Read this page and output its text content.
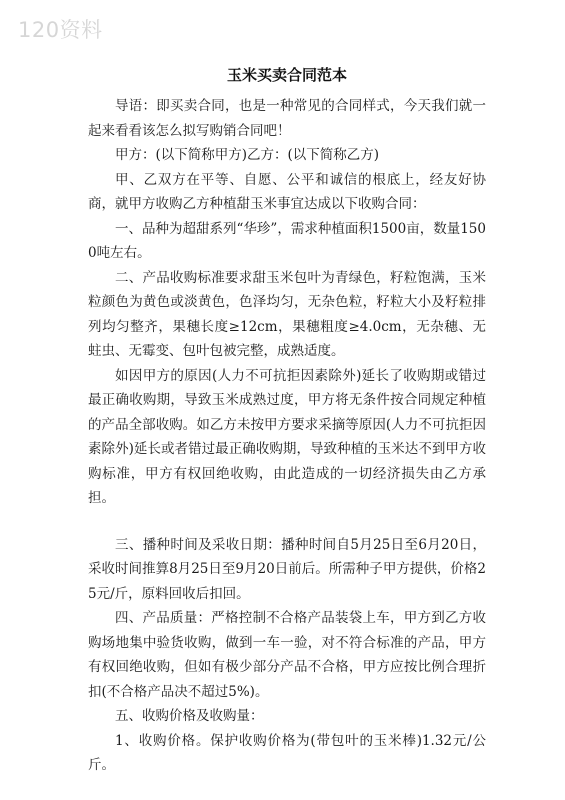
120资料
玉米买卖合同范本

导语：即买卖合同，也是一种常见的合同样式，今天我们就一起来看看该怎么拟写购销合同吧！

甲方：(以下简称甲方)乙方：(以下简称乙方)

甲、乙双方在平等、自愿、公平和诚信的根底上，经友好协商，就甲方收购乙方种植甜玉米事宜达成以下收购合同：

一、品种为超甜系列“华珍”，需求种植面积1500亩，数量1500吨左右。

二、产品收购标准要求甜玉米包叶为青绿色，籽粒饱满，玉米粒颜色为黄色或淡黄色，色泽均匀，无杂色粒，籽粒大小及籽粒排列均匀整齐，果穗长度≥12cm，果穗粗度≥4.0cm，无杂穗、无蛀虫、无霉变、包叶包被完整，成熟适度。

如因甲方的原因(人力不可抗拒因素除外)延长了收购期或错过最正确收购期，导致玉米成熟过度，甲方将无条件按合同规定种植的产品全部收购。如乙方未按甲方要求采摘等原因(人力不可抗拒因素除外)延长或者错过最正确收购期，导致种植的玉米达不到甲方收购标准，甲方有权回绝收购，由此造成的一切经济损失由乙方承担。

三、播种时间及采收日期：播种时间自5月25日至6月20日，采收时间推算8月25日至9月20日前后。所需种子甲方提供，价格25元/斤，原料回收后扣回。

四、产品质量：严格控制不合格产品装袋上车，甲方到乙方收购场地集中验货收购，做到一车一验，对不符合标准的产品，甲方有权回绝收购，但如有极少部分产品不合格，甲方应按比例合理折扣(不合格产品决不超过5%)。

五、收购价格及收购量：

1、收购价格。保护收购价格为(带包叶的玉米棒)1.32元/公斤。
